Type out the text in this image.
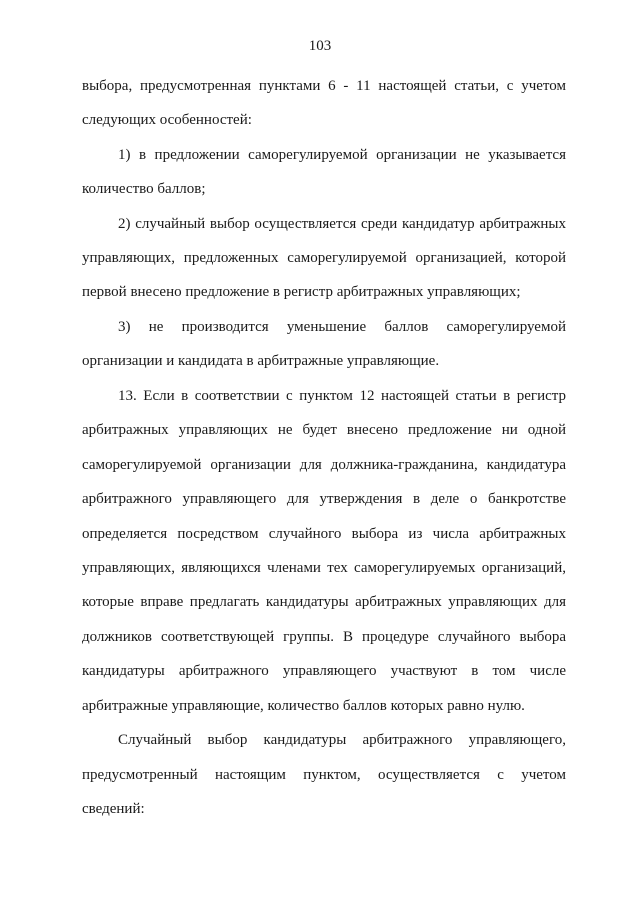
103
выбора, предусмотренная пунктами 6 - 11 настоящей статьи, с учетом
следующих особенностей:
1) в предложении саморегулируемой организации не указывается
количество баллов;
2) случайный выбор осуществляется среди кандидатур арбитражных
управляющих, предложенных саморегулируемой организацией, которой
первой внесено предложение в регистр арбитражных управляющих;
3) не производится уменьшение баллов саморегулируемой
организации и кандидата в арбитражные управляющие.
13. Если в соответствии с пунктом 12 настоящей статьи в регистр
арбитражных управляющих не будет внесено предложение ни одной
саморегулируемой организации для должника-гражданина, кандидатура
арбитражного управляющего для утверждения в деле о банкротстве
определяется посредством случайного выбора из числа арбитражных
управляющих, являющихся членами тех саморегулируемых организаций,
которые вправе предлагать кандидатуры арбитражных управляющих для
должников соответствующей группы. В процедуре случайного выбора
кандидатуры арбитражного управляющего участвуют в том числе
арбитражные управляющие, количество баллов которых равно нулю.
Случайный выбор кандидатуры арбитражного управляющего,
предусмотренный настоящим пунктом, осуществляется с учетом
сведений:
